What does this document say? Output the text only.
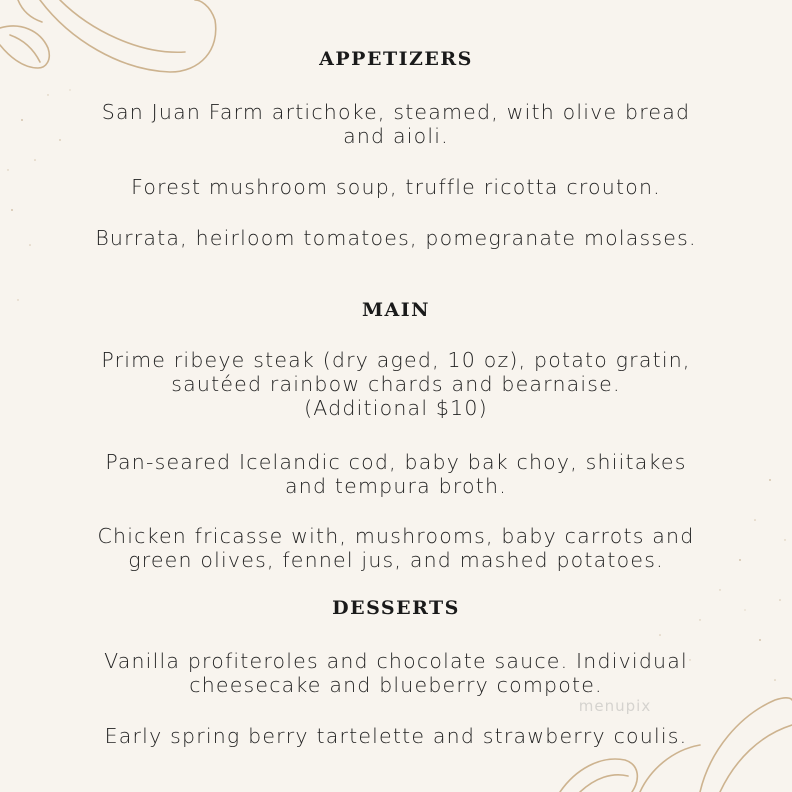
APPETIZERS
San Juan Farm artichoke, steamed, with olive bread
and aioli.
Forest mushroom soup, truffle ricotta crouton.
Burrata, heirloom tomatoes, pomegranate molasses.
MAIN
Prime ribeye steak (dry aged, 10 oz), potato gratin,
sautéed rainbow chards and bearnaise.
(Additional $10)
Pan-seared Icelandic cod, baby bak choy, shiitakes
and tempura broth.
Chicken fricasse with, mushrooms, baby carrots and
green olives, fennel jus, and mashed potatoes.
DESSERTS
Vanilla profiteroles and chocolate sauce. Individual
cheesecake and blueberry compote.
Early spring berry tartelette and strawberry coulis.
menupix
